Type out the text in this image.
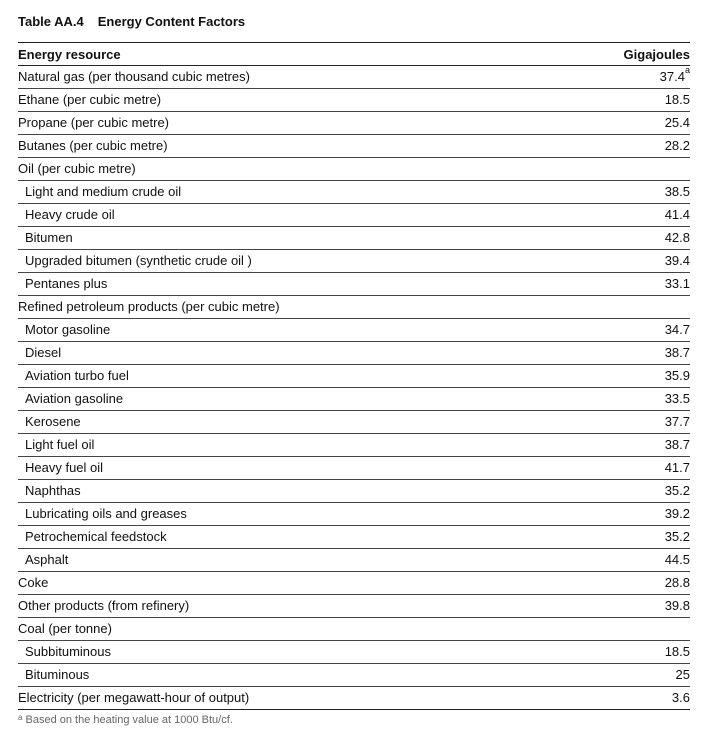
Table AA.4 Energy Content Factors
Energy resource	Gigajoules
Natural gas (per thousand cubic metres)	37.4$^a$
Ethane (per cubic metre)	18.5
Propane (per cubic metre)	25.4
Butanes (per cubic metre)	28.2
Oil (per cubic metre)	
Light and medium crude oil	38.5
Heavy crude oil	41.4
Bitumen	42.8
Upgraded bitumen (synthetic crude oil )	39.4
Pentanes plus	33.1
Refined petroleum products (per cubic metre)	
Motor gasoline	34.7
Diesel	38.7
Aviation turbo fuel	35.9
Aviation gasoline	33.5
Kerosene	37.7
Light fuel oil	38.7
Heavy fuel oil	41.7
Naphthas	35.2
Lubricating oils and greases	39.2
Petrochemical feedstock	35.2
Asphalt	44.5
Coke	28.8
Other products (from refinery)	39.8
Coal (per tonne)	
Subbituminous	18.5
Bituminous	25
Electricity (per megawatt-hour of output)	3.6
$^a$ Based on the heating value at 1000 Btu/cf.
